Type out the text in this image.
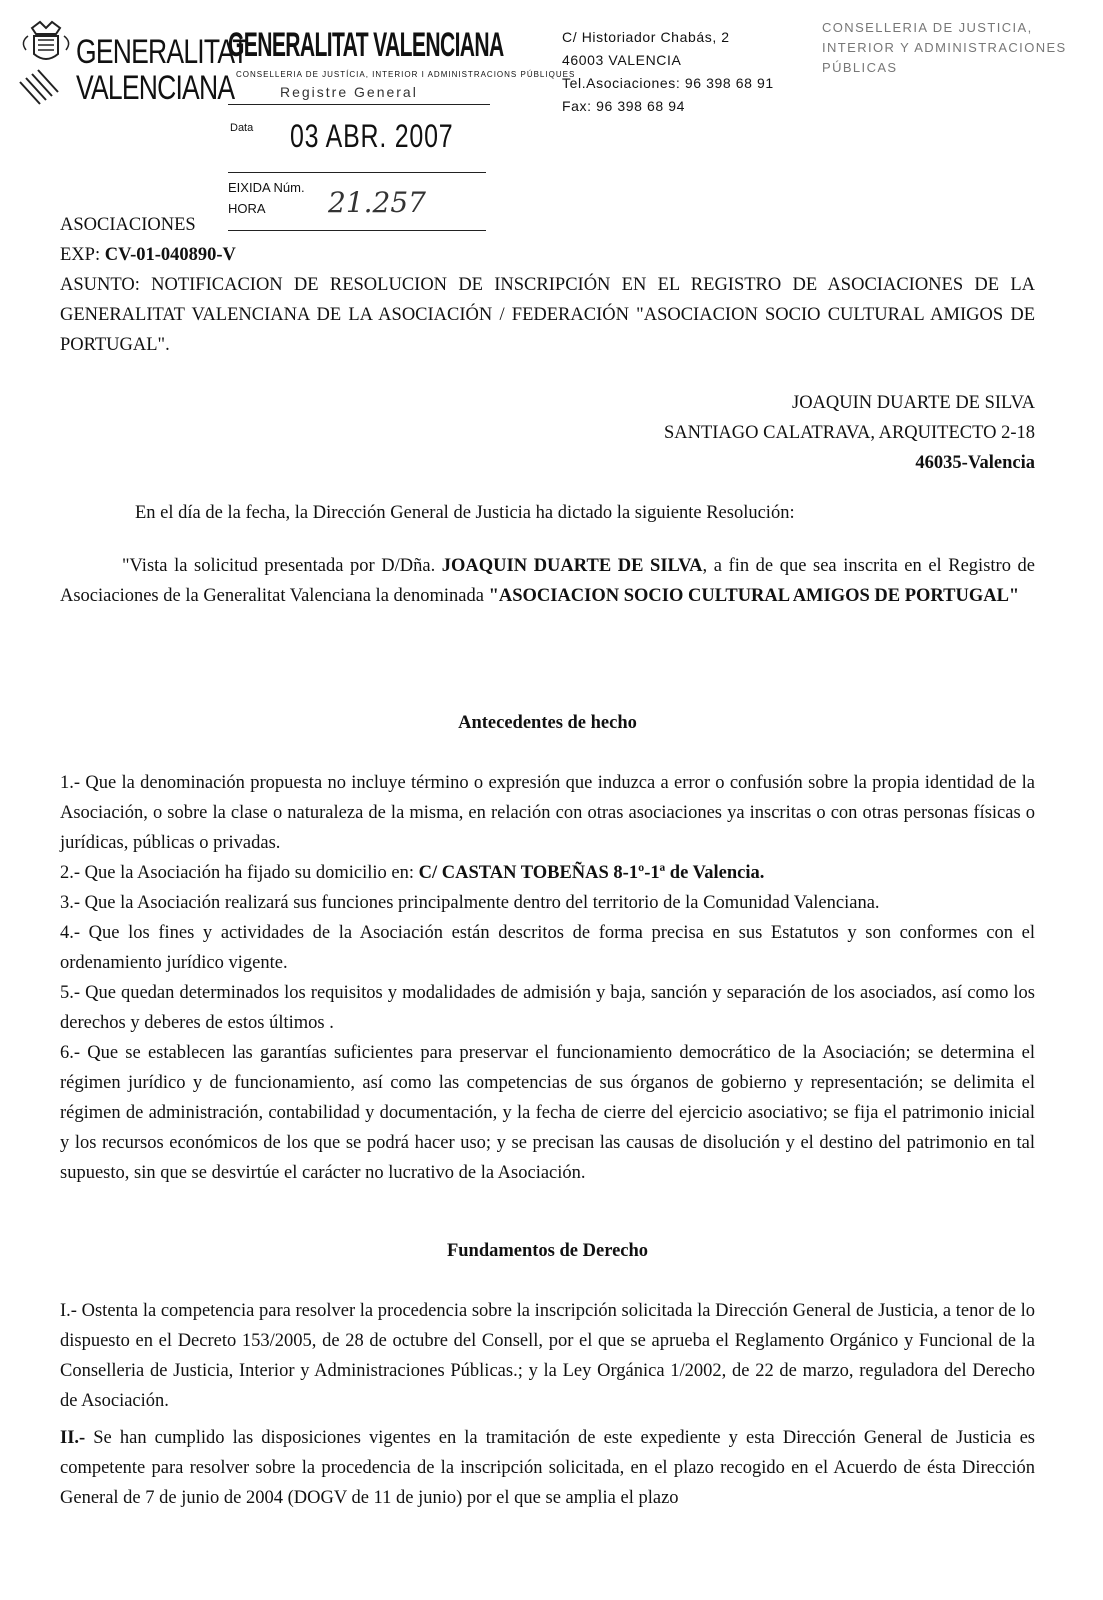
GENERALITAT
VALENCIANA
GENERALITAT VALENCIANA
CONSELLERIA DE JUSTÍCIA, INTERIOR I ADMINISTRACIONS PÚBLIQUES
Registre General
Data 03 ABR. 2007
EIXIDA Núm.
HORA 21.257
C/ Historiador Chabás, 2
46003 VALENCIA
Tel.Asociaciones: 96 398 68 91
Fax: 96 398 68 94
CONSELLERIA DE JUSTICIA,
INTERIOR Y ADMINISTRACIONES
PÚBLICAS
ASOCIACIONES
EXP: CV-01-040890-V
ASUNTO: NOTIFICACION DE RESOLUCION DE INSCRIPCIÓN EN EL REGISTRO DE ASOCIACIONES DE LA GENERALITAT VALENCIANA DE LA ASOCIACIÓN / FEDERACIÓN "ASOCIACION SOCIO CULTURAL AMIGOS DE PORTUGAL".
JOAQUIN DUARTE DE SILVA
SANTIAGO CALATRAVA, ARQUITECTO 2-18
46035-Valencia
En el día de la fecha, la Dirección General de Justicia ha dictado la siguiente Resolución:
"Vista la solicitud presentada por D/Dña. JOAQUIN DUARTE DE SILVA, a fin de que sea inscrita en el Registro de Asociaciones de la Generalitat Valenciana la denominada "ASOCIACION SOCIO CULTURAL AMIGOS DE PORTUGAL"
Antecedentes de hecho

1.- Que la denominación propuesta no incluye término o expresión que induzca a error o confusión sobre la propia identidad de la Asociación, o sobre la clase o naturaleza de la misma, en relación con otras asociaciones ya inscritas o con otras personas físicas o jurídicas, públicas o privadas.

2.- Que la Asociación ha fijado su domicilio en: C/ CASTAN TOBEÑAS 8-1º-1ª de Valencia.

3.- Que la Asociación realizará sus funciones principalmente dentro del territorio de la Comunidad Valenciana.

4.- Que los fines y actividades de la Asociación están descritos de forma precisa en sus Estatutos y son conformes con el ordenamiento jurídico vigente.

5.- Que quedan determinados los requisitos y modalidades de admisión y baja, sanción y separación de los asociados, así como los derechos y deberes de estos últimos .

6.- Que se establecen las garantías suficientes para preservar el funcionamiento democrático de la Asociación; se determina el régimen jurídico y de funcionamiento, así como las competencias de sus órganos de gobierno y representación; se delimita el régimen de administración, contabilidad y documentación, y la fecha de cierre del ejercicio asociativo; se fija el patrimonio inicial y los recursos económicos de los que se podrá hacer uso; y se precisan las causas de disolución y el destino del patrimonio en tal supuesto, sin que se desvirtúe el carácter no lucrativo de la Asociación.

Fundamentos de Derecho

I.- Ostenta la competencia para resolver la procedencia sobre la inscripción solicitada la Dirección General de Justicia, a tenor de lo dispuesto en el Decreto 153/2005, de 28 de octubre del Consell, por el que se aprueba el Reglamento Orgánico y Funcional de la Conselleria de Justicia, Interior y Administraciones Públicas.; y la Ley Orgánica 1/2002, de 22 de marzo, reguladora del Derecho de Asociación.

II.- Se han cumplido las disposiciones vigentes en la tramitación de este expediente y esta Dirección General de Justicia es competente para resolver sobre la procedencia de la inscripción solicitada, en el plazo recogido en el Acuerdo de ésta Dirección General de 7 de junio de 2004 (DOGV de 11 de junio) por el que se amplia el plazo
